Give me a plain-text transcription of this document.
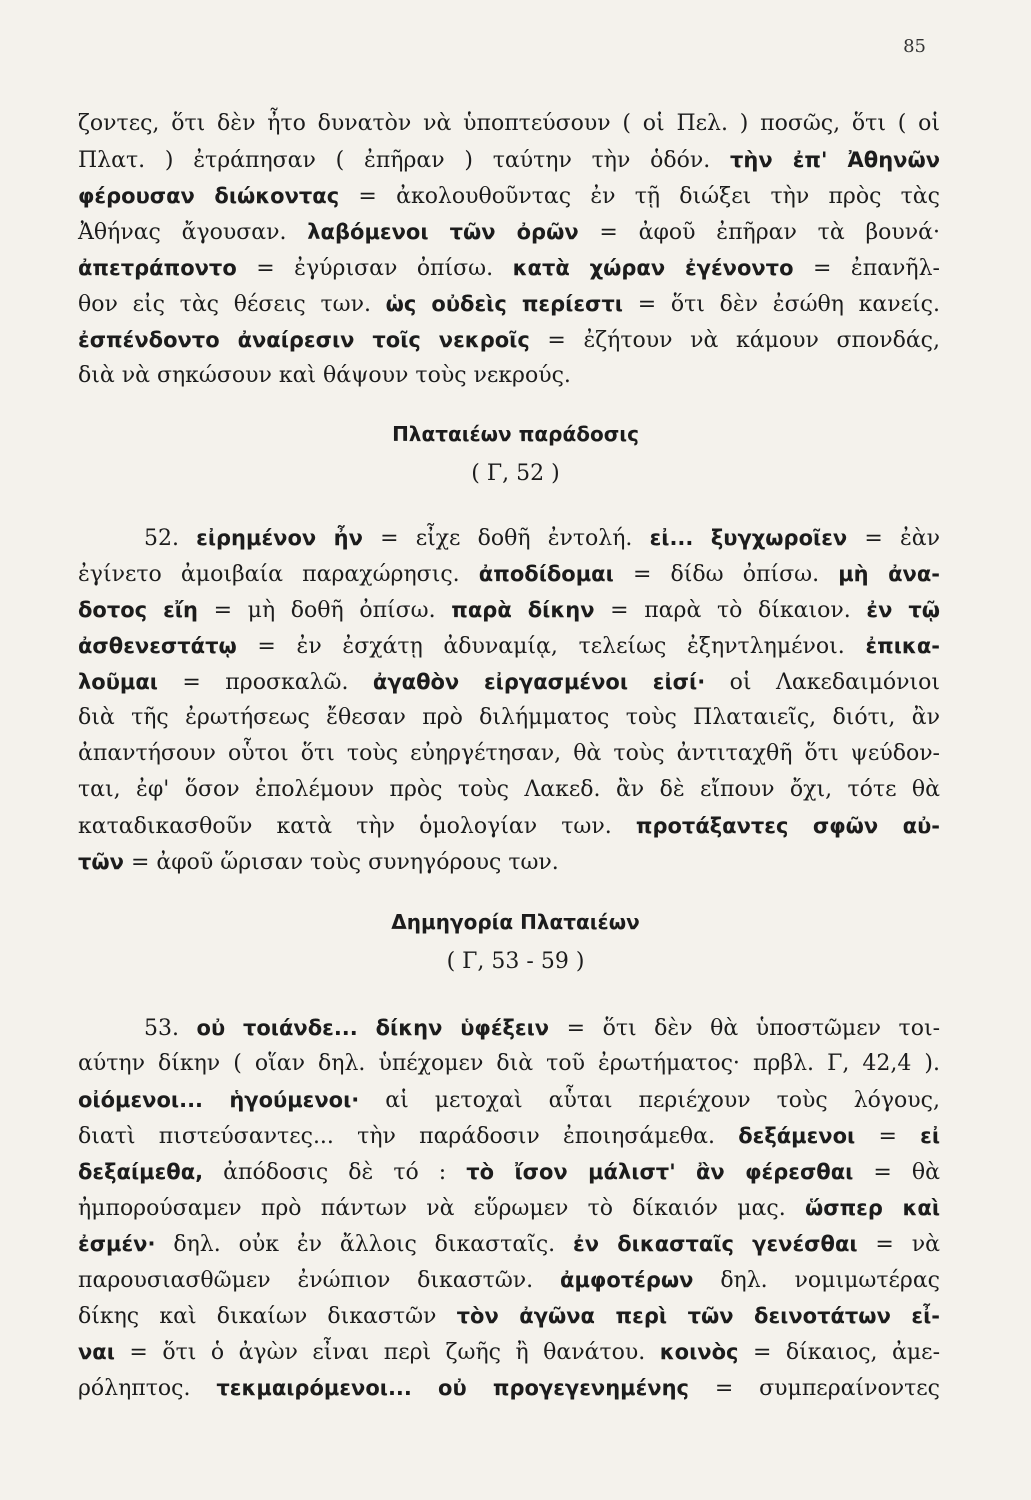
85
ζοντες, ὅτι δὲν ἦτο δυνατὸν νὰ ὑποπτεύσουν ( οἱ Πελ. ) ποσῶς, ὅτι ( οἱ
Πλατ. ) ἐτράπησαν ( ἐπῆραν ) ταύτην τὴν ὁδόν. τὴν ἐπ' Ἀθηνῶν
φέρουσαν διώκοντας = ἀκολουθοῦντας ἐν τῇ διώξει τὴν πρὸς τὰς
Ἀθήνας ἄγουσαν. λαβόμενοι τῶν ὀρῶν = ἀφοῦ ἐπῆραν τὰ βουνά·
ἀπετράποντο = ἐγύρισαν ὀπίσω. κατὰ χώραν ἐγένοντο = ἐπανῆλ-
θον εἰς τὰς θέσεις των. ὡς οὐδεὶς περίεστι = ὅτι δὲν ἐσώθη κανείς.
ἐσπένδοντο ἀναίρεσιν τοῖς νεκροῖς = ἐζήτουν νὰ κάμουν σπονδάς,
διὰ νὰ σηκώσουν καὶ θάψουν τοὺς νεκρούς.
Πλαταιέων παράδοσις
( Γ, 52 )
52. εἰρημένον ἦν = εἶχε δοθῆ ἐντολή. εἰ... ξυγχωροῖεν = ἐὰν
ἐγίνετο ἀμοιβαία παραχώρησις. ἀποδίδομαι = δίδω ὀπίσω. μὴ ἀνα-
δοτος εἴη = μὴ δοθῆ ὀπίσω. παρὰ δίκην = παρὰ τὸ δίκαιον. ἐν τῷ
ἀσθενεστάτῳ = ἐν ἐσχάτῃ ἀδυναμίᾳ, τελείως ἐξηντλημένοι. ἐπικα-
λοῦμαι = προσκαλῶ. ἀγαθὸν εἰργασμένοι εἰσί· οἱ Λακεδαιμόνιοι
διὰ τῆς ἐρωτήσεως ἔθεσαν πρὸ διλήμματος τοὺς Πλαταιεῖς, διότι, ἂν
ἀπαντήσουν οὗτοι ὅτι τοὺς εὐηργέτησαν, θὰ τοὺς ἀντιταχθῆ ὅτι ψεύδον-
ται, ἐφ' ὅσον ἐπολέμουν πρὸς τοὺς Λακεδ. ἂν δὲ εἴπουν ὄχι, τότε θὰ
καταδικασθοῦν κατὰ τὴν ὁμολογίαν των. προτάξαντες σφῶν αὐ-
τῶν = ἀφοῦ ὥρισαν τοὺς συνηγόρους των.
Δημηγορία Πλαταιέων
( Γ, 53 - 59 )
53. οὐ τοιάνδε... δίκην ὑφέξειν = ὅτι δὲν θὰ ὑποστῶμεν τοι-
αύτην δίκην ( οἵαν δηλ. ὑπέχομεν διὰ τοῦ ἐρωτήματος· πρβλ. Γ, 42,4 ).
οἰόμενοι... ἡγούμενοι· αἱ μετοχαὶ αὗται περιέχουν τοὺς λόγους,
διατὶ πιστεύσαντες... τὴν παράδοσιν ἐποιησάμεθα. δεξάμενοι = εἰ
δεξαίμεθα, ἀπόδοσις δὲ τό : τὸ ἴσον μάλιστ' ἂν φέρεσθαι = θὰ
ἠμπορούσαμεν πρὸ πάντων νὰ εὕρωμεν τὸ δίκαιόν μας. ὥσπερ καὶ
ἐσμέν· δηλ. οὐκ ἐν ἄλλοις δικασταῖς. ἐν δικασταῖς γενέσθαι = νὰ
παρουσιασθῶμεν ἐνώπιον δικαστῶν. ἀμφοτέρων δηλ. νομιμωτέρας
δίκης καὶ δικαίων δικαστῶν τὸν ἀγῶνα περὶ τῶν δεινοτάτων εἶ-
ναι = ὅτι ὁ ἀγὼν εἶναι περὶ ζωῆς ἢ θανάτου. κοινὸς = δίκαιος, ἀμε-
ρόληπτος. τεκμαιρόμενοι... οὐ προγεγενημένης = συμπεραίνοντες
